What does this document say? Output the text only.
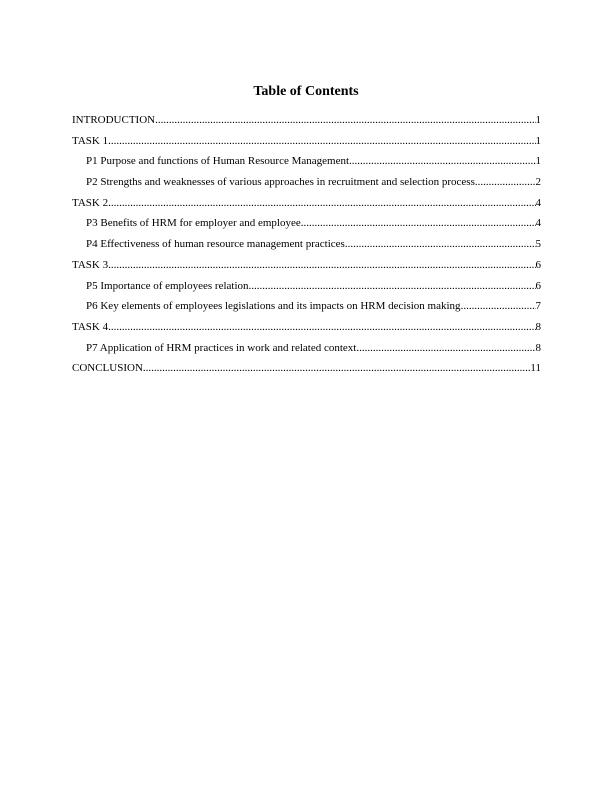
Table of Contents
INTRODUCTION .....	1
TASK 1 .....	1
P1 Purpose and functions of Human Resource Management .....	1
P2 Strengths and weaknesses of various approaches in recruitment and selection process .....	2
TASK 2 .....	4
P3 Benefits of HRM for employer and employee .....	4
P4 Effectiveness of human resource management practices .....	5
TASK 3 .....	6
P5 Importance of employees relation .....	6
P6 Key elements of employees legislations and its impacts on HRM decision making .....	7
TASK 4 .....	8
P7 Application of HRM practices in work and related context .....	8
CONCLUSION .....	11
